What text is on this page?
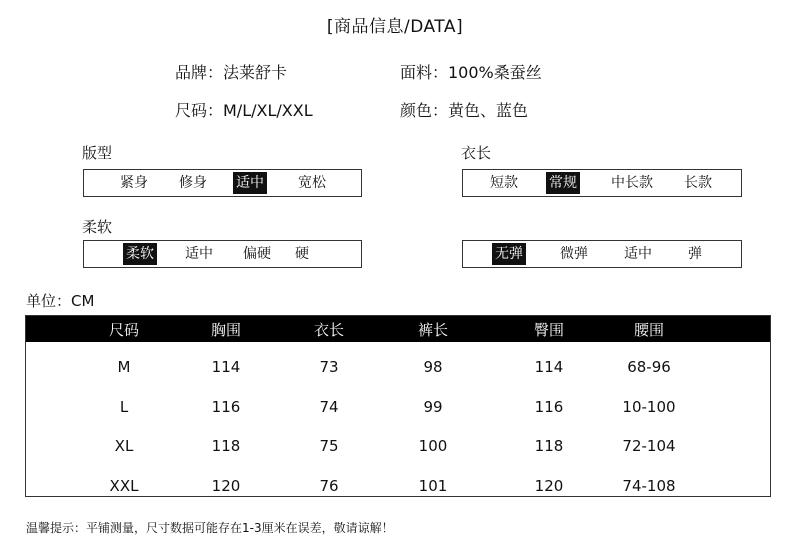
[商品信息/DATA]
品牌：法莱舒卡	面料：100%桑蚕丝
尺码：M/L/XL/XXL	颜色：黄色、蓝色
版型
紧身 修身 适中 宽松
衣长
短款 常规 中长款 长款
柔软
柔软 适中 偏硬 硬	无弹	微弹	适中	弹
单位：CM
尺码	胸围	衣长	裤长	臀围	腰围
M	114	73	98	114	68-96
L	116	74	99	116	10-100
XL	118	75	100	118	72-104
XXL	120	76	101	120	74-108
温馨提示：平铺测量，尺寸数据可能存在1-3厘米在误差，敬请谅解！
